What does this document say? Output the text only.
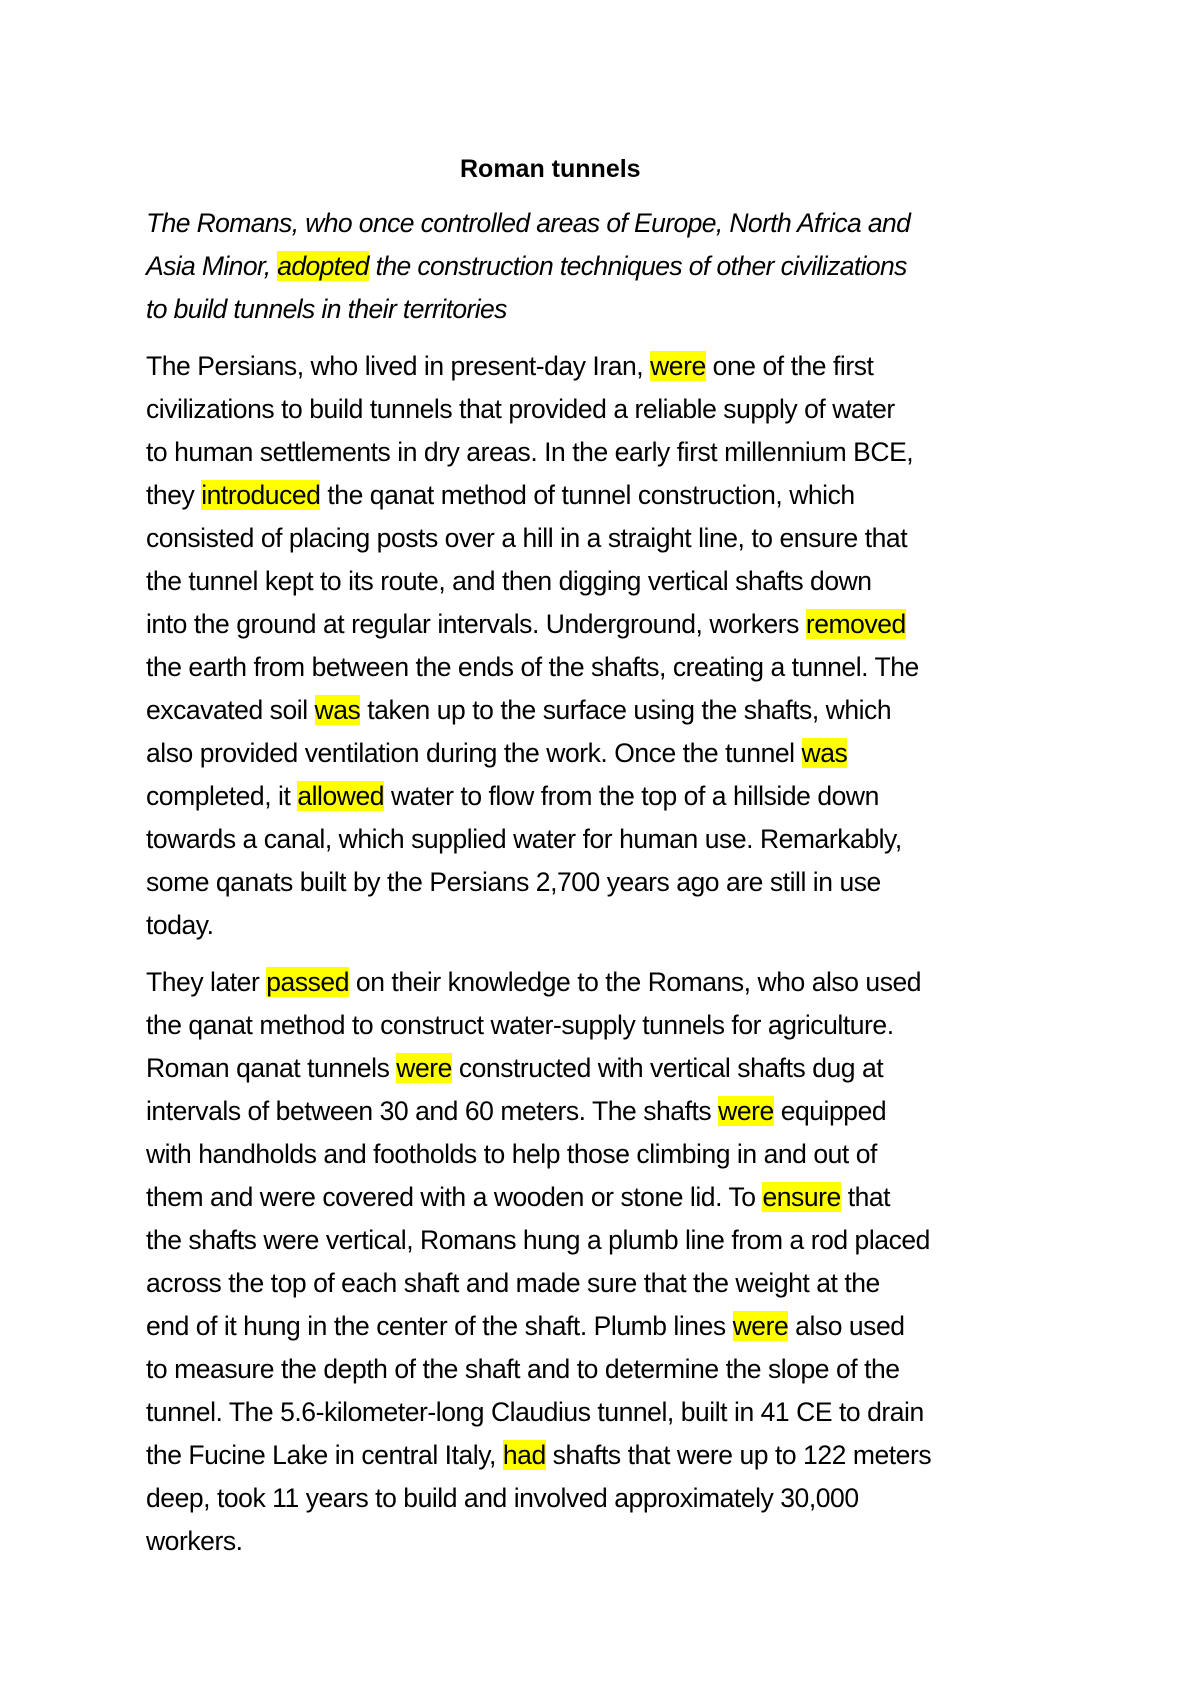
Roman tunnels

The Romans, who once controlled areas of Europe, North Africa and
Asia Minor, adopted the construction techniques of other civilizations
to build tunnels in their territories

The Persians, who lived in present-day Iran, were one of the first
civilizations to build tunnels that provided a reliable supply of water
to human settlements in dry areas. In the early first millennium BCE,
they introduced the qanat method of tunnel construction, which
consisted of placing posts over a hill in a straight line, to ensure that
the tunnel kept to its route, and then digging vertical shafts down
into the ground at regular intervals. Underground, workers removed
the earth from between the ends of the shafts, creating a tunnel. The
excavated soil was taken up to the surface using the shafts, which
also provided ventilation during the work. Once the tunnel was
completed, it allowed water to flow from the top of a hillside down
towards a canal, which supplied water for human use. Remarkably,
some qanats built by the Persians 2,700 years ago are still in use
today.

They later passed on their knowledge to the Romans, who also used
the qanat method to construct water-supply tunnels for agriculture.
Roman qanat tunnels were constructed with vertical shafts dug at
intervals of between 30 and 60 meters. The shafts were equipped
with handholds and footholds to help those climbing in and out of
them and were covered with a wooden or stone lid. To ensure that
the shafts were vertical, Romans hung a plumb line from a rod placed
across the top of each shaft and made sure that the weight at the
end of it hung in the center of the shaft. Plumb lines were also used
to measure the depth of the shaft and to determine the slope of the
tunnel. The 5.6-kilometer-long Claudius tunnel, built in 41 CE to drain
the Fucine Lake in central Italy, had shafts that were up to 122 meters
deep, took 11 years to build and involved approximately 30,000
workers.
